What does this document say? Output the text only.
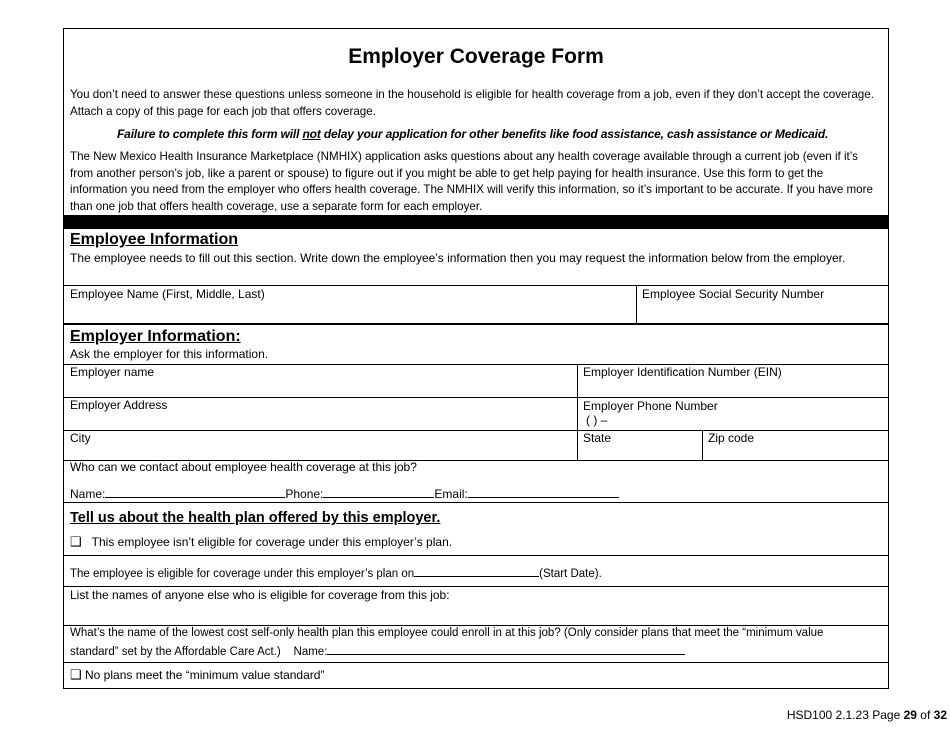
Employer Coverage Form
You don’t need to answer these questions unless someone in the household is eligible for health coverage from a job, even if they don’t accept the coverage. Attach a copy of this page for each job that offers coverage.
Failure to complete this form will not delay your application for other benefits like food assistance, cash assistance or Medicaid.
The New Mexico Health Insurance Marketplace (NMHIX) application asks questions about any health coverage available through a current job (even if it’s from another person’s job, like a parent or spouse) to figure out if you might be able to get help paying for health insurance. Use this form to get the information you need from the employer who offers health coverage. The NMHIX will verify this information, so it’s important to be accurate. If you have more than one job that offers health coverage, use a separate form for each employer.
Employee Information
The employee needs to fill out this section. Write down the employee’s information then you may request the information below from the employer.
Employee Name (First, Middle, Last)	Employee Social Security Number
Employer Information:
Ask the employer for this information.
Employer name	Employer Identification Number (EIN)
Employer Address	Employer Phone Number
( ) –
City	State	Zip code
Who can we contact about employee health coverage at this job?
Name:	Phone:	Email:
Tell us about the health plan offered by this employer.
❑ This employee isn’t eligible for coverage under this employer’s plan.
The employee is eligible for coverage under this employer’s plan on	(Start Date).
List the names of anyone else who is eligible for coverage from this job:
What’s the name of the lowest cost self-only health plan this employee could enroll in at this job? (Only consider plans that meet the “minimum value
standard” set by the Affordable Care Act.) Name:
❑ No plans meet the “minimum value standard”
HSD100 2.1.23 Page 29 of 32
